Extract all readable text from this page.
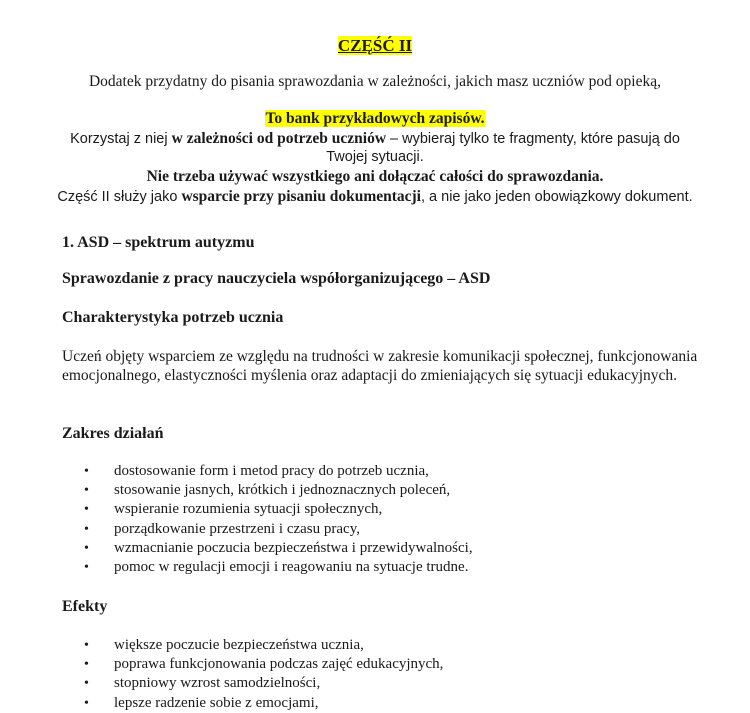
CZĘŚĆ II
Dodatek przydatny do pisania sprawozdania w zależności, jakich masz uczniów pod opieką,
To bank przykładowych zapisów.
Korzystaj z niej w zależności od potrzeb uczniów – wybieraj tylko te fragmenty, które pasują do
Twojej sytuacji.
Nie trzeba używać wszystkiego ani dołączać całości do sprawozdania.
Część II służy jako wsparcie przy pisaniu dokumentacji, a nie jako jeden obowiązkowy dokument.
1. ASD – spektrum autyzmu
Sprawozdanie z pracy nauczyciela współorganizującego – ASD
Charakterystyka potrzeb ucznia
Uczeń objęty wsparciem ze względu na trudności w zakresie komunikacji społecznej, funkcjonowania emocjonalnego, elastyczności myślenia oraz adaptacji do zmieniających się sytuacji edukacyjnych.
Zakres działań
• dostosowanie form i metod pracy do potrzeb ucznia,
• stosowanie jasnych, krótkich i jednoznacznych poleceń,
• wspieranie rozumienia sytuacji społecznych,
• porządkowanie przestrzeni i czasu pracy,
• wzmacnianie poczucia bezpieczeństwa i przewidywalności,
• pomoc w regulacji emocji i reagowaniu na sytuacje trudne.
Efekty
• większe poczucie bezpieczeństwa ucznia,
• poprawa funkcjonowania podczas zajęć edukacyjnych,
• stopniowy wzrost samodzielności,
• lepsze radzenie sobie z emocjami,
